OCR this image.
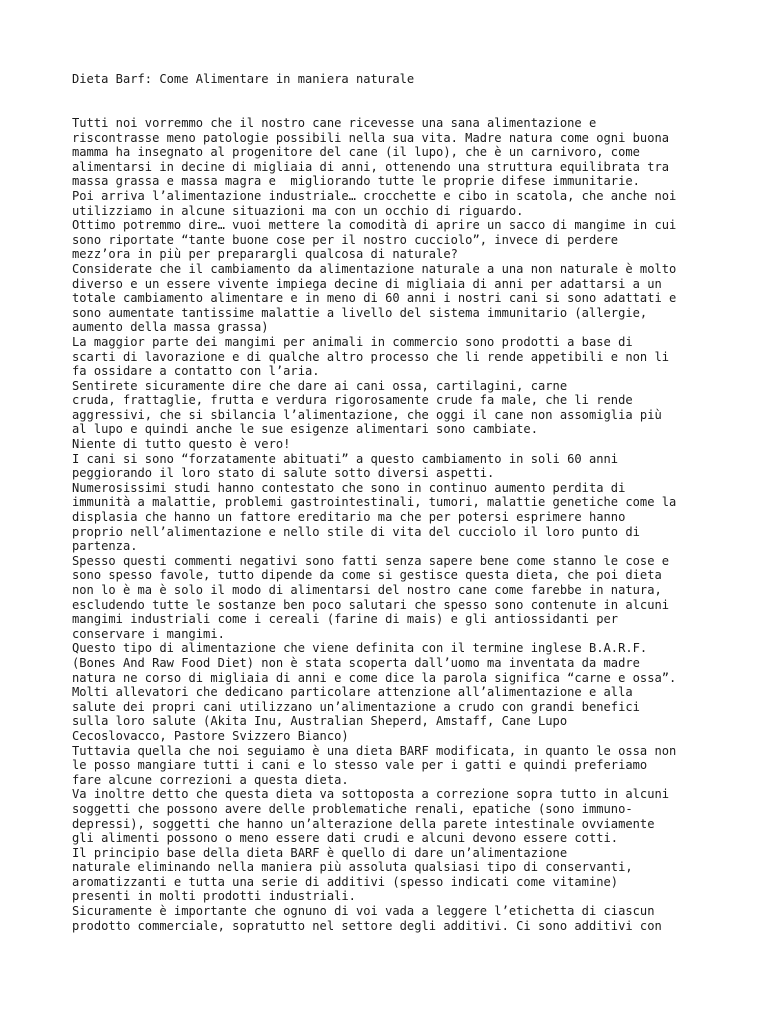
Dieta Barf: Come Alimentare in maniera naturale
Tutti noi vorremmo che il nostro cane ricevesse una sana alimentazione e
riscontrasse meno patologie possibili nella sua vita. Madre natura come ogni buona
mamma ha insegnato al progenitore del cane (il lupo), che è un carnivoro, come
alimentarsi in decine di migliaia di anni, ottenendo una struttura equilibrata tra
massa grassa e massa magra e  migliorando tutte le proprie difese immunitarie.
Poi arriva l’alimentazione industriale… crocchette e cibo in scatola, che anche noi
utilizziamo in alcune situazioni ma con un occhio di riguardo.
Ottimo potremmo dire… vuoi mettere la comodità di aprire un sacco di mangime in cui
sono riportate “tante buone cose per il nostro cucciolo”, invece di perdere
mezz’ora in più per preparargli qualcosa di naturale?
Considerate che il cambiamento da alimentazione naturale a una non naturale è molto
diverso e un essere vivente impiega decine di migliaia di anni per adattarsi a un
totale cambiamento alimentare e in meno di 60 anni i nostri cani si sono adattati e
sono aumentate tantissime malattie a livello del sistema immunitario (allergie,
aumento della massa grassa)
La maggior parte dei mangimi per animali in commercio sono prodotti a base di
scarti di lavorazione e di qualche altro processo che li rende appetibili e non li
fa ossidare a contatto con l’aria.
Sentirete sicuramente dire che dare ai cani ossa, cartilagini, carne
cruda, frattaglie, frutta e verdura rigorosamente crude fa male, che li rende
aggressivi, che si sbilancia l’alimentazione, che oggi il cane non assomiglia più
al lupo e quindi anche le sue esigenze alimentari sono cambiate.
Niente di tutto questo è vero!
I cani si sono “forzatamente abituati” a questo cambiamento in soli 60 anni
peggiorando il loro stato di salute sotto diversi aspetti.
Numerosissimi studi hanno contestato che sono in continuo aumento perdita di
immunità a malattie, problemi gastrointestinali, tumori, malattie genetiche come la
displasia che hanno un fattore ereditario ma che per potersi esprimere hanno
proprio nell’alimentazione e nello stile di vita del cucciolo il loro punto di
partenza.
Spesso questi commenti negativi sono fatti senza sapere bene come stanno le cose e
sono spesso favole, tutto dipende da come si gestisce questa dieta, che poi dieta
non lo è ma è solo il modo di alimentarsi del nostro cane come farebbe in natura,
escludendo tutte le sostanze ben poco salutari che spesso sono contenute in alcuni
mangimi industriali come i cereali (farine di mais) e gli antiossidanti per
conservare i mangimi.
Questo tipo di alimentazione che viene definita con il termine inglese B.A.R.F.
(Bones And Raw Food Diet) non è stata scoperta dall’uomo ma inventata da madre
natura ne corso di migliaia di anni e come dice la parola significa “carne e ossa”.
Molti allevatori che dedicano particolare attenzione all’alimentazione e alla
salute dei propri cani utilizzano un’alimentazione a crudo con grandi benefici
sulla loro salute (Akita Inu, Australian Sheperd, Amstaff, Cane Lupo
Cecoslovacco, Pastore Svizzero Bianco)
Tuttavia quella che noi seguiamo è una dieta BARF modificata, in quanto le ossa non
le posso mangiare tutti i cani e lo stesso vale per i gatti e quindi preferiamo
fare alcune correzioni a questa dieta.
Va inoltre detto che questa dieta va sottoposta a correzione sopra tutto in alcuni
soggetti che possono avere delle problematiche renali, epatiche (sono immuno-
depressi), soggetti che hanno un’alterazione della parete intestinale ovviamente
gli alimenti possono o meno essere dati crudi e alcuni devono essere cotti.
Il principio base della dieta BARF è quello di dare un’alimentazione
naturale eliminando nella maniera più assoluta qualsiasi tipo di conservanti,
aromatizzanti e tutta una serie di additivi (spesso indicati come vitamine)
presenti in molti prodotti industriali.
Sicuramente è importante che ognuno di voi vada a leggere l’etichetta di ciascun
prodotto commerciale, sopratutto nel settore degli additivi. Ci sono additivi con
